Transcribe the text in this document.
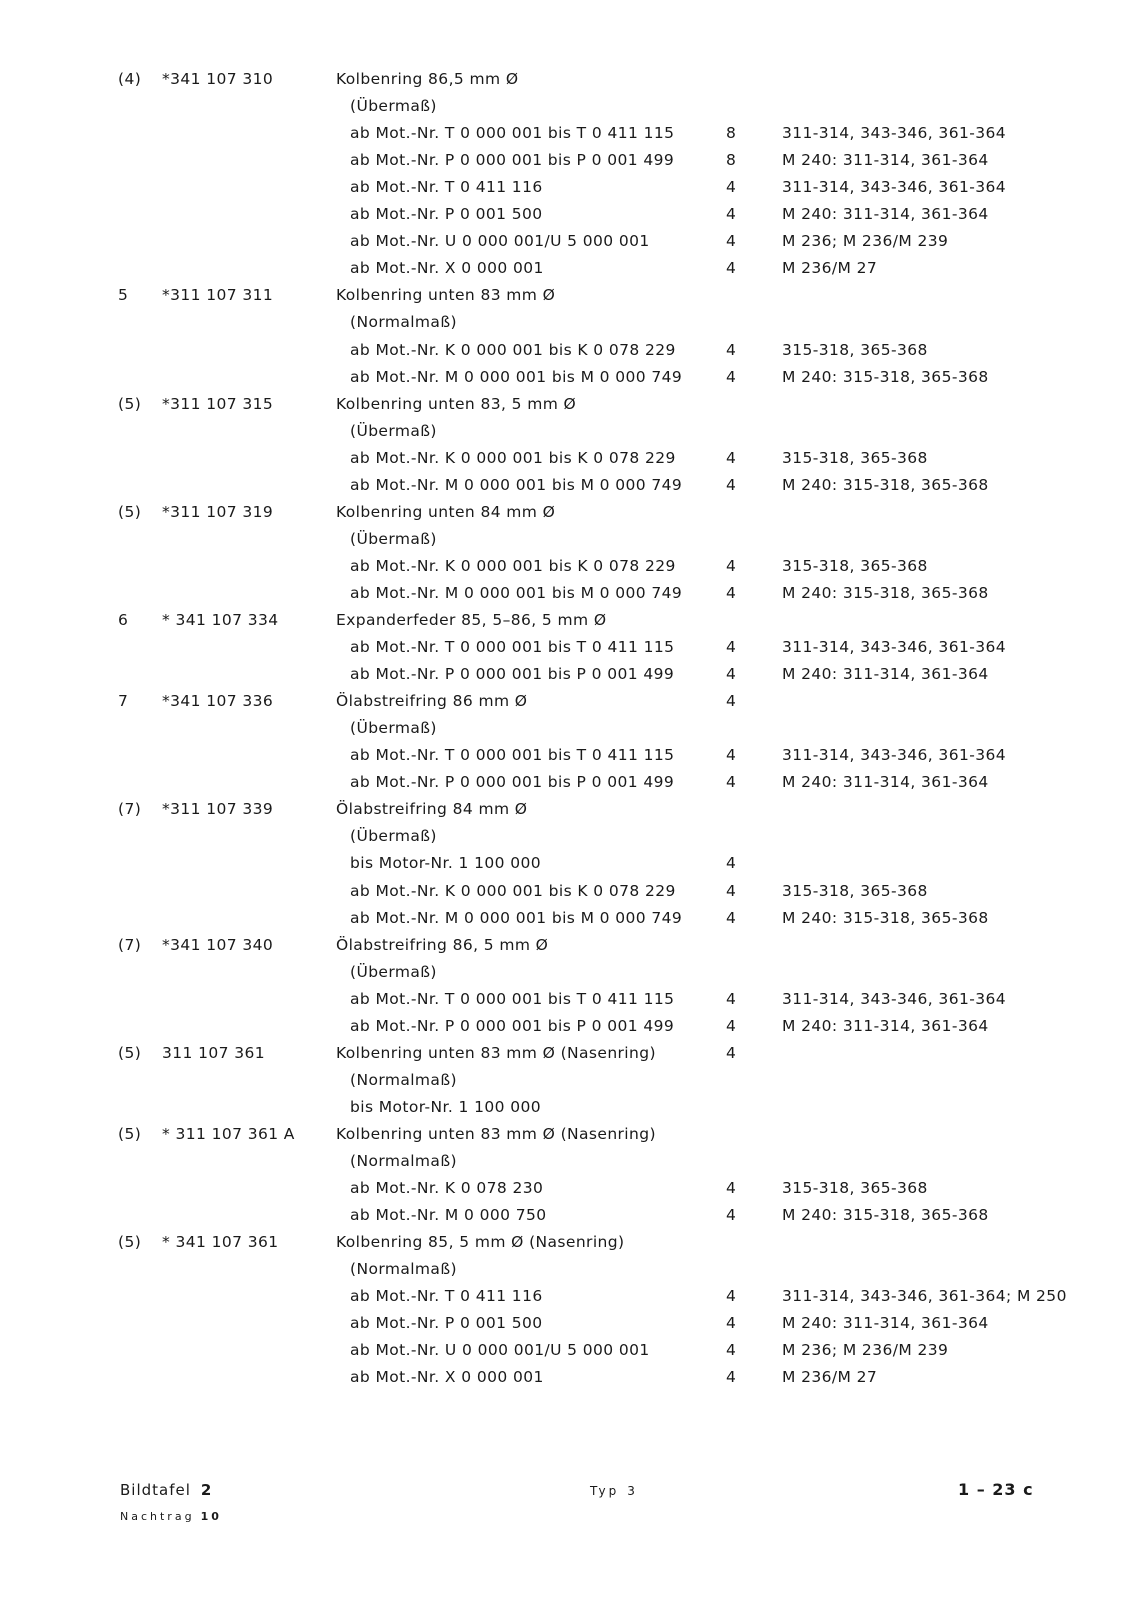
(4) *341 107 310	Kolbenring 86,5 mm Ø
(Übermaß)
ab Mot.-Nr. T 0 000 001 bis T 0 411 115	8	311-314, 343-346, 361-364
ab Mot.-Nr. P 0 000 001 bis P 0 001 499	8	M 240: 311-314, 361-364
ab Mot.-Nr. T 0 411 116	4	311-314, 343-346, 361-364
ab Mot.-Nr. P 0 001 500	4	M 240: 311-314, 361-364
ab Mot.-Nr. U 0 000 001/U 5 000 001	4	M 236; M 236/M 239
ab Mot.-Nr. X 0 000 001	4	M 236/M 27
5 *311 107 311	Kolbenring unten 83 mm Ø
(Normalmaß)
ab Mot.-Nr. K 0 000 001 bis K 0 078 229	4	315-318, 365-368
ab Mot.-Nr. M 0 000 001 bis M 0 000 749	4	M 240: 315-318, 365-368
(5) *311 107 315	Kolbenring unten 83, 5 mm Ø
(Übermaß)
ab Mot.-Nr. K 0 000 001 bis K 0 078 229	4	315-318, 365-368
ab Mot.-Nr. M 0 000 001 bis M 0 000 749	4	M 240: 315-318, 365-368
(5) *311 107 319	Kolbenring unten 84 mm Ø
(Übermaß)
ab Mot.-Nr. K 0 000 001 bis K 0 078 229	4	315-318, 365-368
ab Mot.-Nr. M 0 000 001 bis M 0 000 749	4	M 240: 315-318, 365-368
6 * 341 107 334	Expanderfeder 85, 5–86, 5 mm Ø
ab Mot.-Nr. T 0 000 001 bis T 0 411 115	4	311-314, 343-346, 361-364
ab Mot.-Nr. P 0 000 001 bis P 0 001 499	4	M 240: 311-314, 361-364
7 *341 107 336	Ölabstreifring 86 mm Ø	4
(Übermaß)
ab Mot.-Nr. T 0 000 001 bis T 0 411 115	4	311-314, 343-346, 361-364
ab Mot.-Nr. P 0 000 001 bis P 0 001 499	4	M 240: 311-314, 361-364
(7) *311 107 339	Ölabstreifring 84 mm Ø
(Übermaß)
bis Motor-Nr. 1 100 000	4
ab Mot.-Nr. K 0 000 001 bis K 0 078 229	4	315-318, 365-368
ab Mot.-Nr. M 0 000 001 bis M 0 000 749	4	M 240: 315-318, 365-368
(7) *341 107 340	Ölabstreifring 86, 5 mm Ø
(Übermaß)
ab Mot.-Nr. T 0 000 001 bis T 0 411 115	4	311-314, 343-346, 361-364
ab Mot.-Nr. P 0 000 001 bis P 0 001 499	4	M 240: 311-314, 361-364
(5) 311 107 361	Kolbenring unten 83 mm Ø (Nasenring)	4
(Normalmaß)
bis Motor-Nr. 1 100 000
(5) * 311 107 361 A	Kolbenring unten 83 mm Ø (Nasenring)
(Normalmaß)
ab Mot.-Nr. K 0 078 230	4	315-318, 365-368
ab Mot.-Nr. M 0 000 750	4	M 240: 315-318, 365-368
(5) * 341 107 361	Kolbenring 85, 5 mm Ø (Nasenring)
(Normalmaß)
ab Mot.-Nr. T 0 411 116	4	311-314, 343-346, 361-364; M 250
ab Mot.-Nr. P 0 001 500	4	M 240: 311-314, 361-364
ab Mot.-Nr. U 0 000 001/U 5 000 001	4	M 236; M 236/M 239
ab Mot.-Nr. X 0 000 001	4	M 236/M 27
Bildtafel 2
Nachtrag 10
Typ 3	1 – 23 c
